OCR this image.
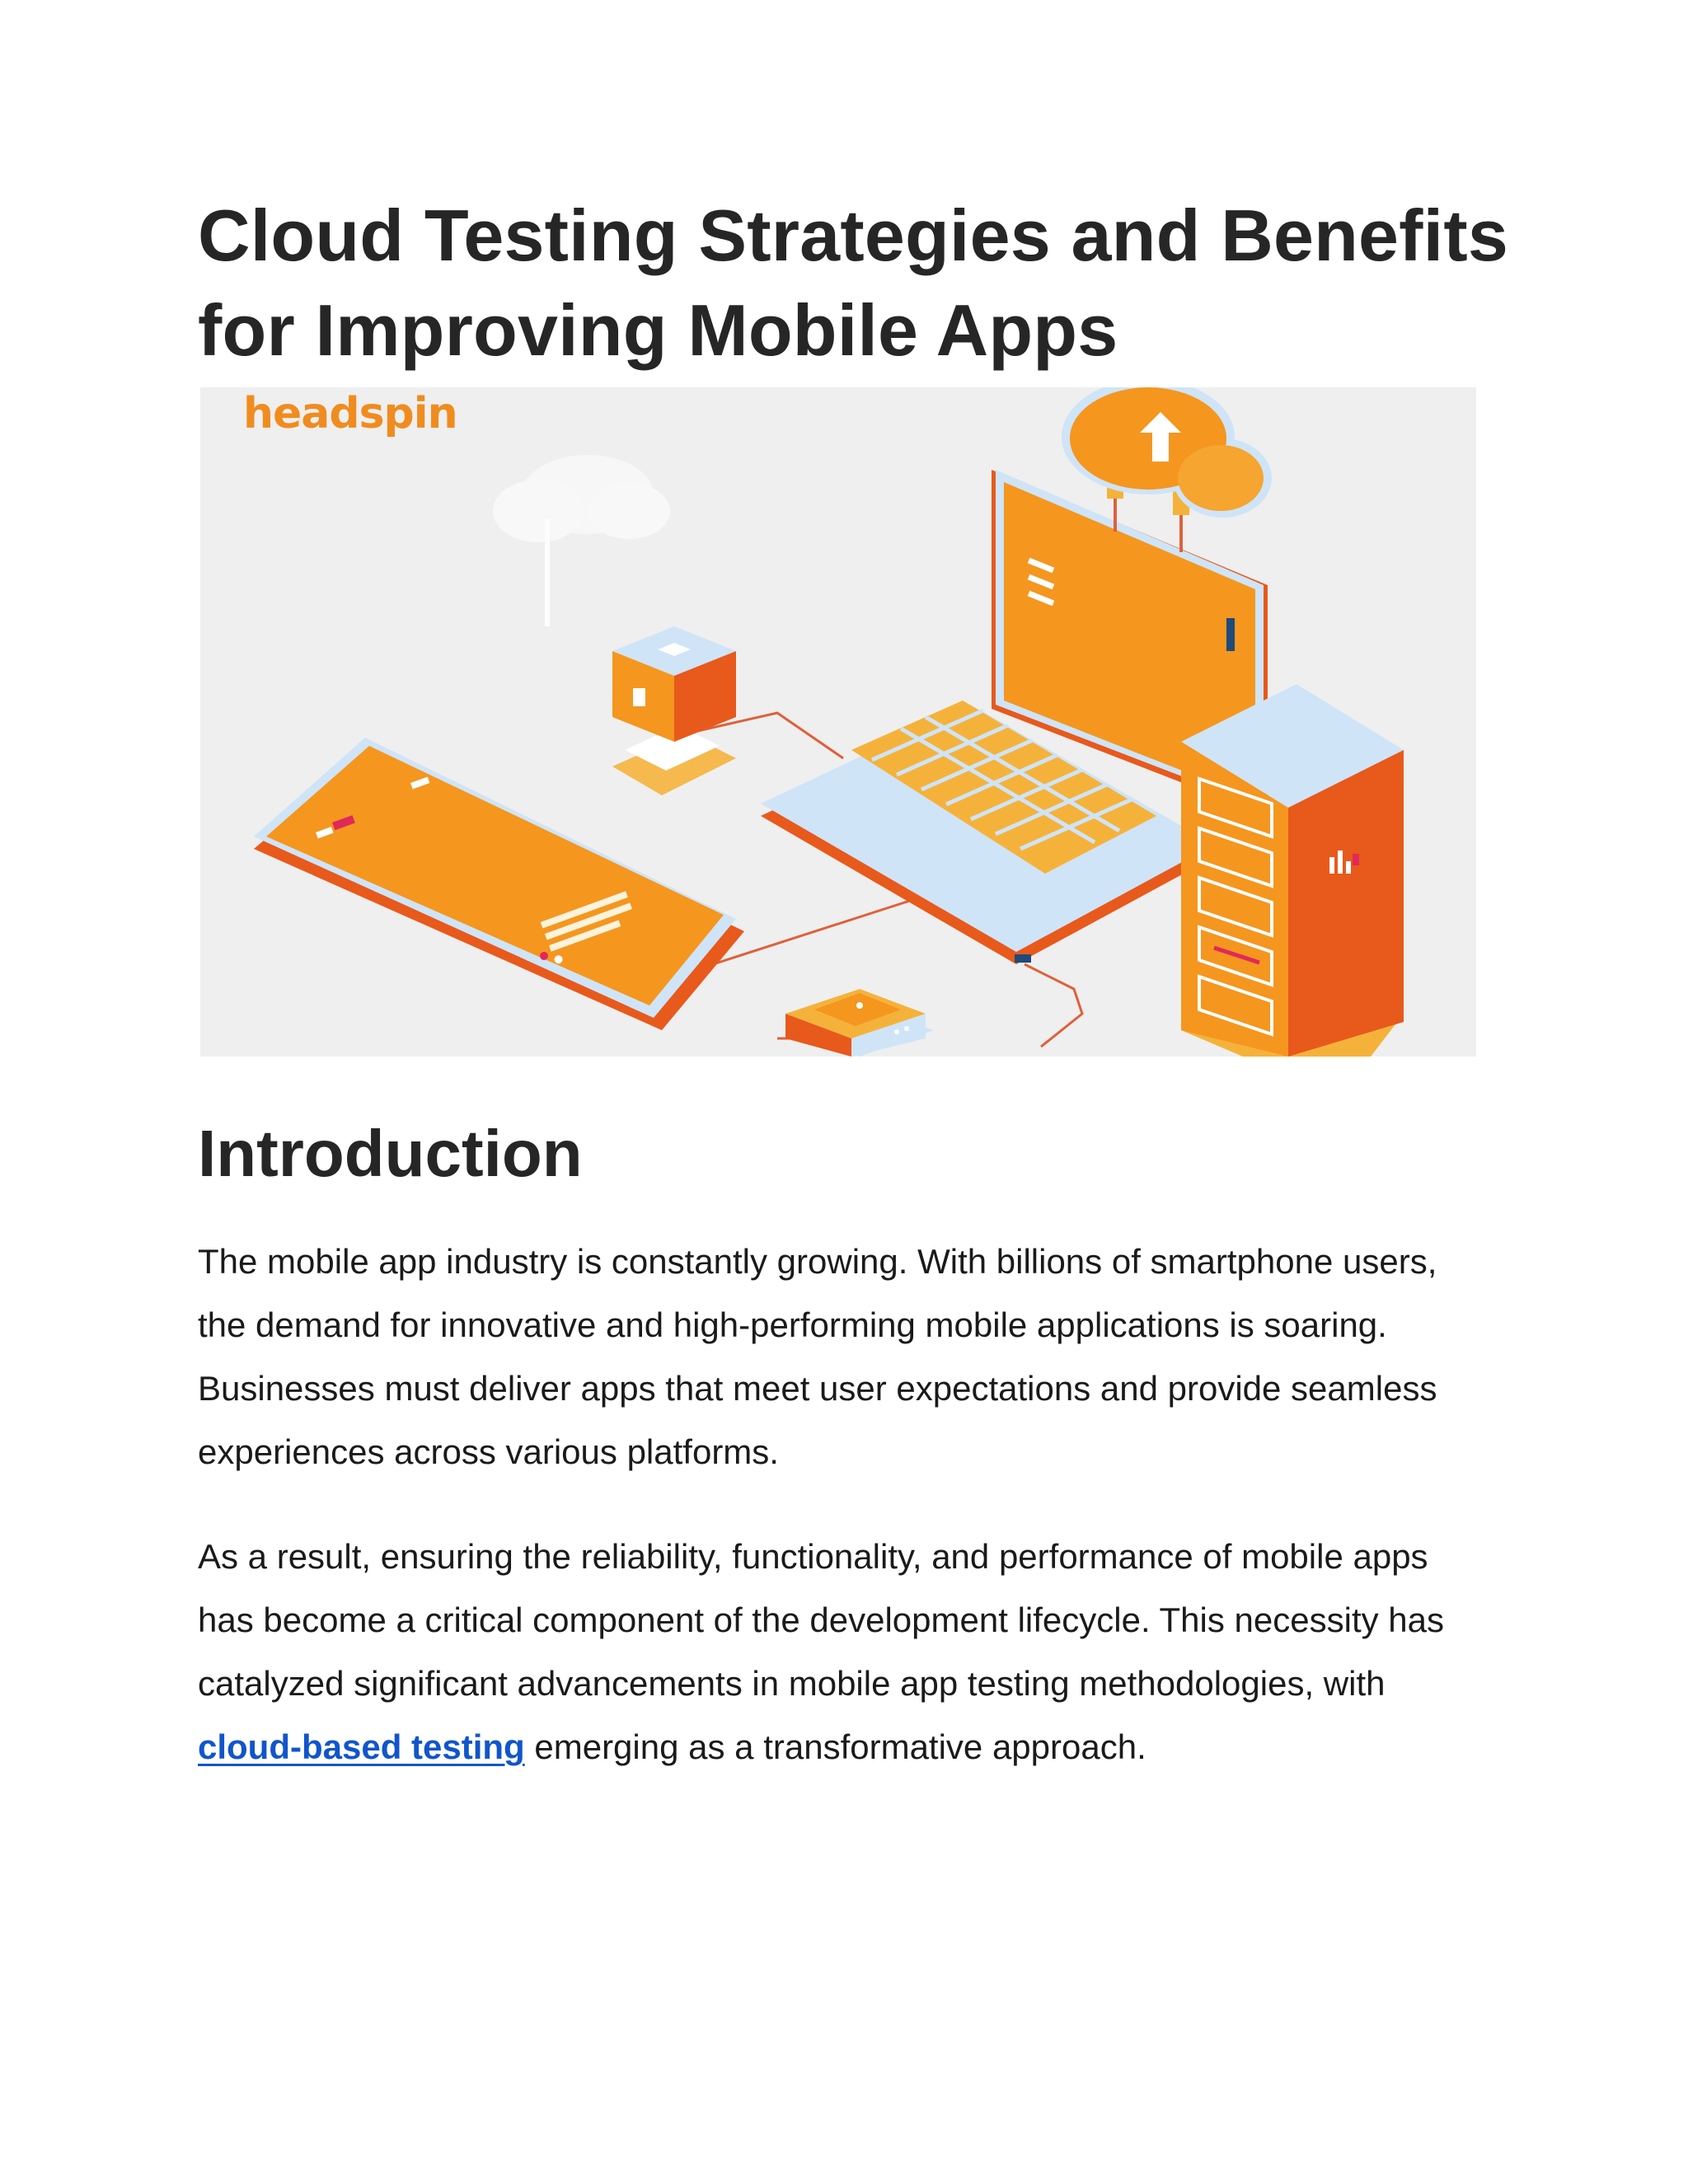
Cloud Testing Strategies and Benefits for Improving Mobile Apps
headspin
Introduction

The mobile app industry is constantly growing. With billions of smartphone users, the demand for innovative and high-performing mobile applications is soaring. Businesses must deliver apps that meet user expectations and provide seamless experiences across various platforms.

As a result, ensuring the reliability, functionality, and performance of mobile apps has become a critical component of the development lifecycle. This necessity has catalyzed significant advancements in mobile app testing methodologies, with cloud-based testing emerging as a transformative approach.
